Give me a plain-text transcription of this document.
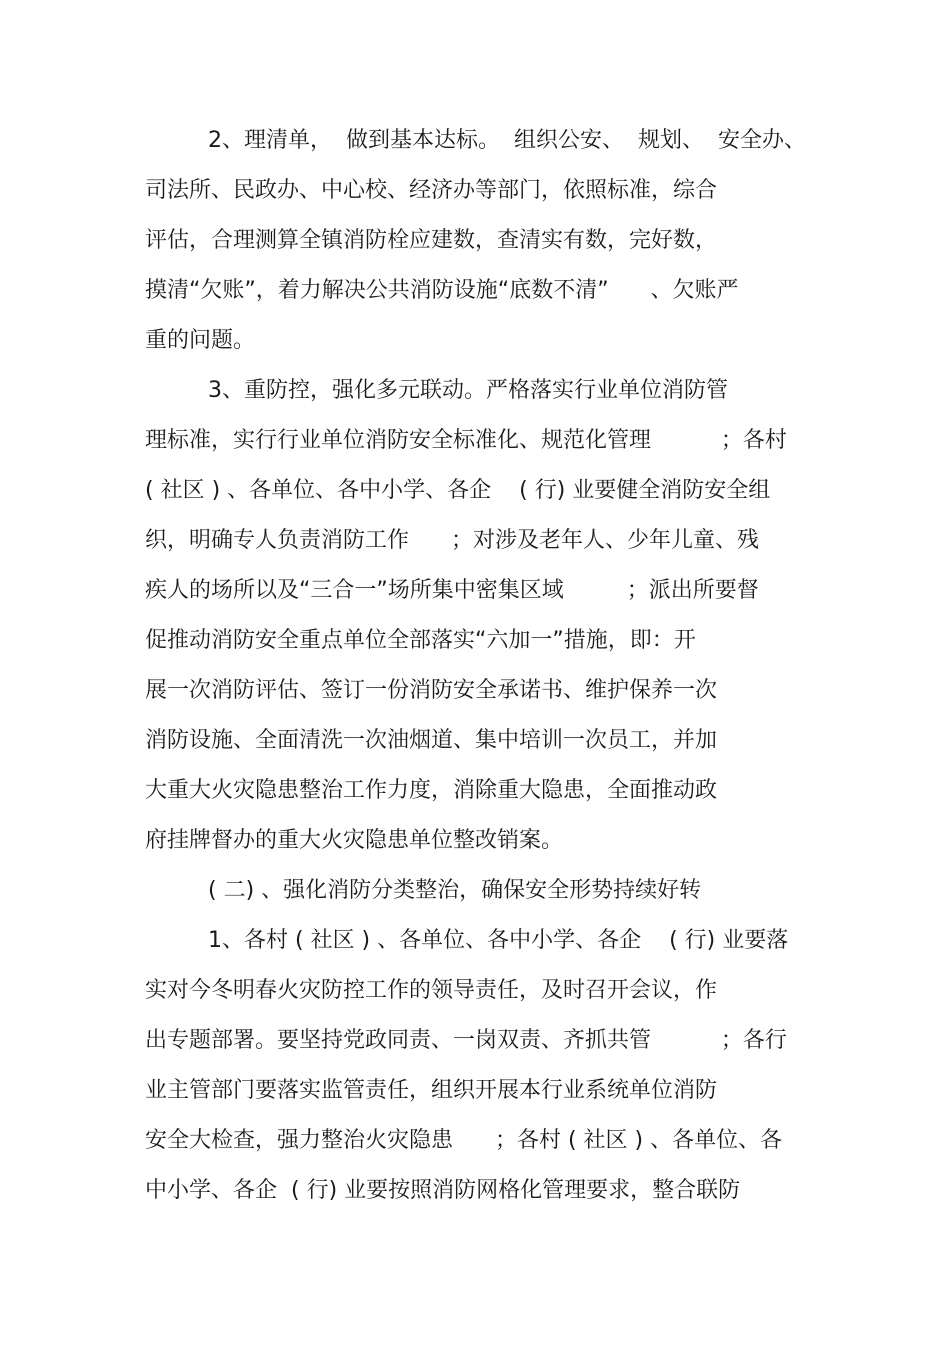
2、理清单，  做到基本达标。  组织公安、  规划、  安全办、

司法所、民政办、中心校、经济办等部门，依照标准，综合

评估，合理测算全镇消防栓应建数，查清实有数，完好数，

摸清“欠账”，着力解决公共消防设施“底数不清”      、欠账严

重的问题。

3、重防控，强化多元联动。严格落实行业单位消防管

理标准，实行行业单位消防安全标准化、规范化管理          ；各村

( 社区 ) 、各单位、各中小学、各企    ( 行) 业要健全消防安全组

织，明确专人负责消防工作      ；对涉及老年人、少年儿童、残

疾人的场所以及“三合一”场所集中密集区域         ；派出所要督

促推动消防安全重点单位全部落实“六加一”措施，即：开

展一次消防评估、签订一份消防安全承诺书、维护保养一次

消防设施、全面清洗一次油烟道、集中培训一次员工，并加

大重大火灾隐患整治工作力度，消除重大隐患，全面推动政

府挂牌督办的重大火灾隐患单位整改销案。

( 二) 、强化消防分类整治，确保安全形势持续好转

1、各村 ( 社区 ) 、各单位、各中小学、各企    ( 行) 业要落

实对今冬明春火灾防控工作的领导责任，及时召开会议，作

出专题部署。要坚持党政同责、一岗双责、齐抓共管          ；各行

业主管部门要落实监管责任，组织开展本行业系统单位消防

安全大检查，强力整治火灾隐患      ；各村 ( 社区 ) 、各单位、各

中小学、各企  ( 行) 业要按照消防网格化管理要求，整合联防
